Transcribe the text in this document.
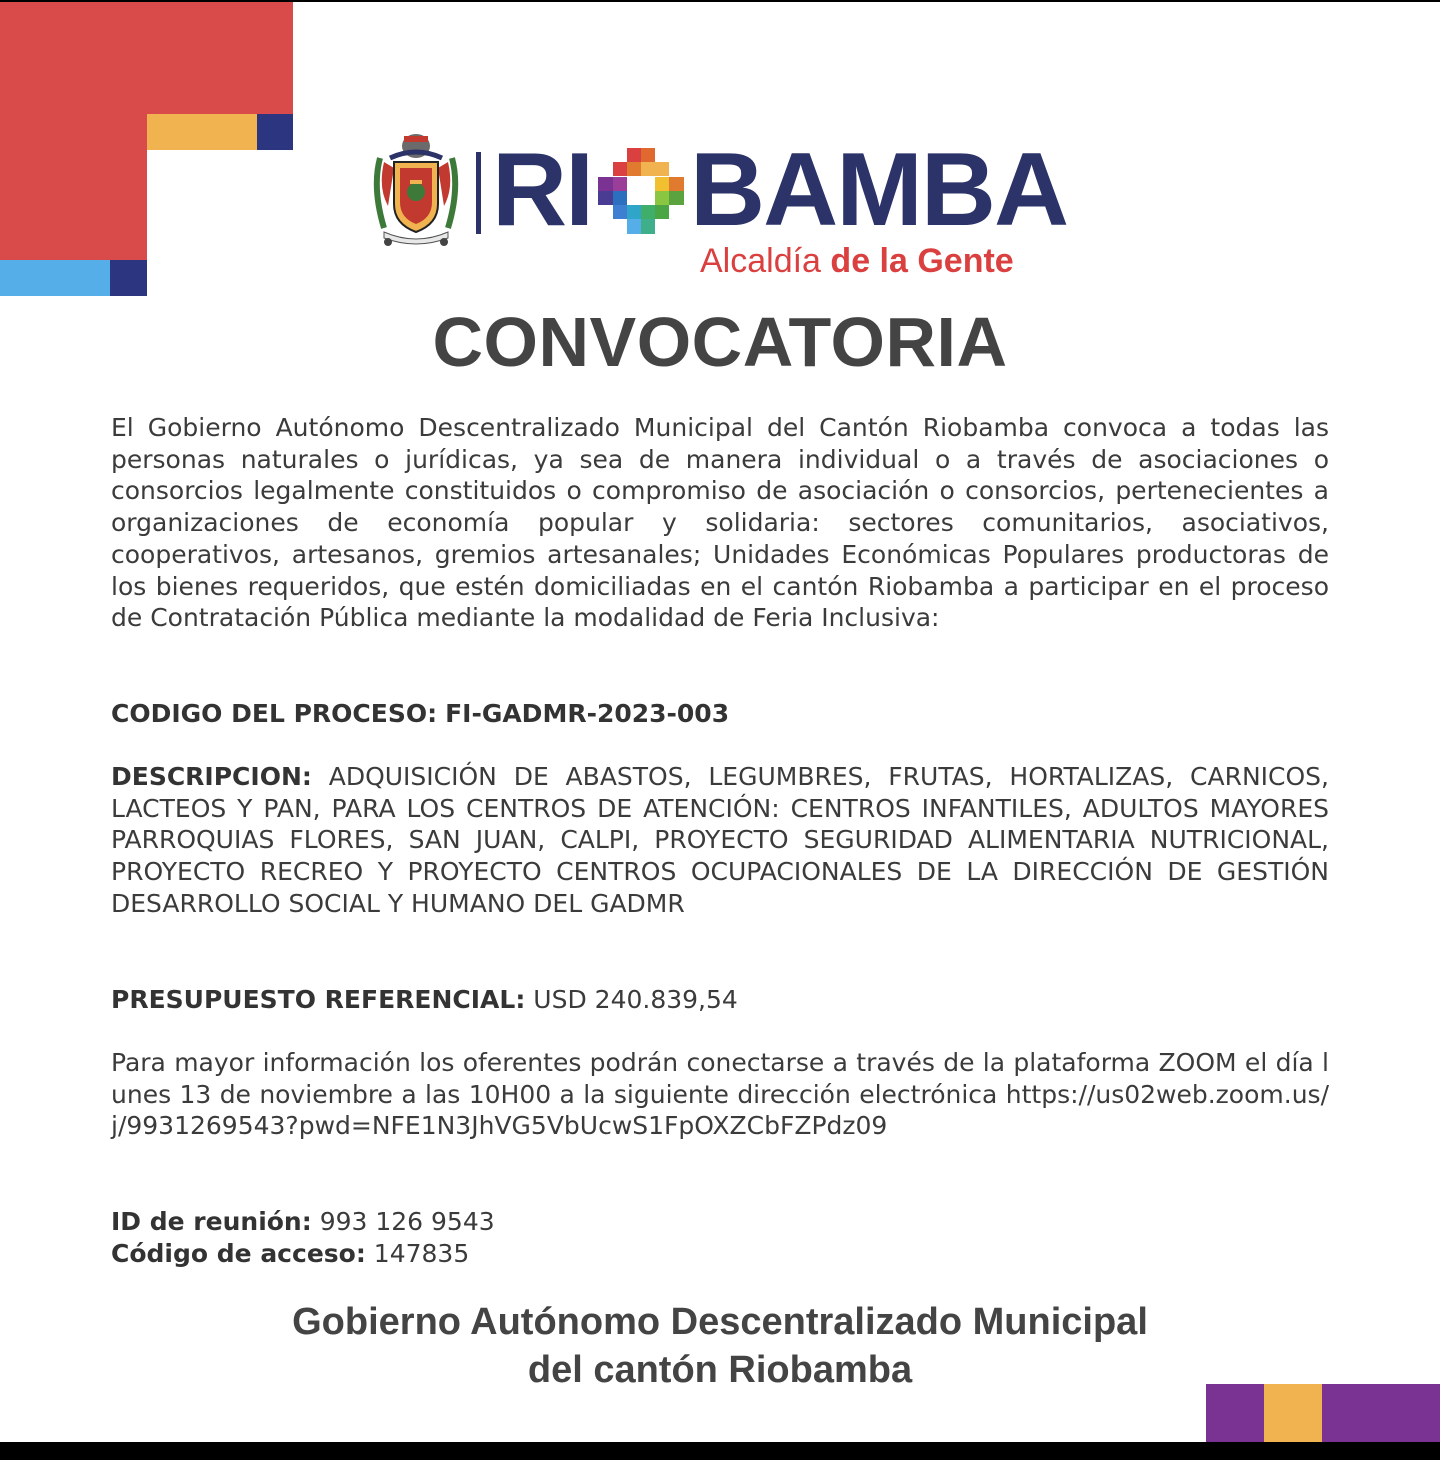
RI BAMBA
Alcaldía de la Gente
CONVOCATORIA
El Gobierno Autónomo Descentralizado Municipal del Cantón Riobamba convoca a todas las personas naturales o jurídicas, ya sea de manera individual o a través de asociaciones o consorcios legalmente constituidos o compromiso de asociación o consorcios, pertenecientes a organizaciones de economía popular y solidaria: sectores comunitarios, asociativos, cooperativos, artesanos, gremios artesanales; Unidades Económicas Populares productoras de los bienes requeridos, que estén domiciliadas en el cantón Riobamba a participar en el proceso de Contratación Pública mediante la modalidad de Feria Inclusiva:
CODIGO DEL PROCESO: FI-GADMR-2023-003
DESCRIPCION: ADQUISICIÓN DE ABASTOS, LEGUMBRES, FRUTAS, HORTALIZAS, CARNICOS, LACTEOS Y PAN, PARA LOS CENTROS DE ATENCIÓN: CENTROS INFANTILES, ADULTOS MAYORES PARROQUIAS FLORES, SAN JUAN, CALPI, PROYECTO SEGURIDAD ALIMENTARIA NUTRICIONAL, PROYECTO RECREO Y PROYECTO CENTROS OCUPACIONALES DE LA DIRECCIÓN DE GESTIÓN DESARROLLO SOCIAL Y HUMANO DEL GADMR
PRESUPUESTO REFERENCIAL: USD 240.839,54
Para mayor información los oferentes podrán conectarse a través de la plataforma ZOOM el día lunes 13 de noviembre a las 10H00 a la siguiente dirección electrónica https://us02web.zoom.us/j/9931269543?pwd=NFE1N3JhVG5VbUcwS1FpOXZCbFZPdz09
ID de reunión: 993 126 9543
Código de acceso: 147835
Gobierno Autónomo Descentralizado Municipal
del cantón Riobamba
